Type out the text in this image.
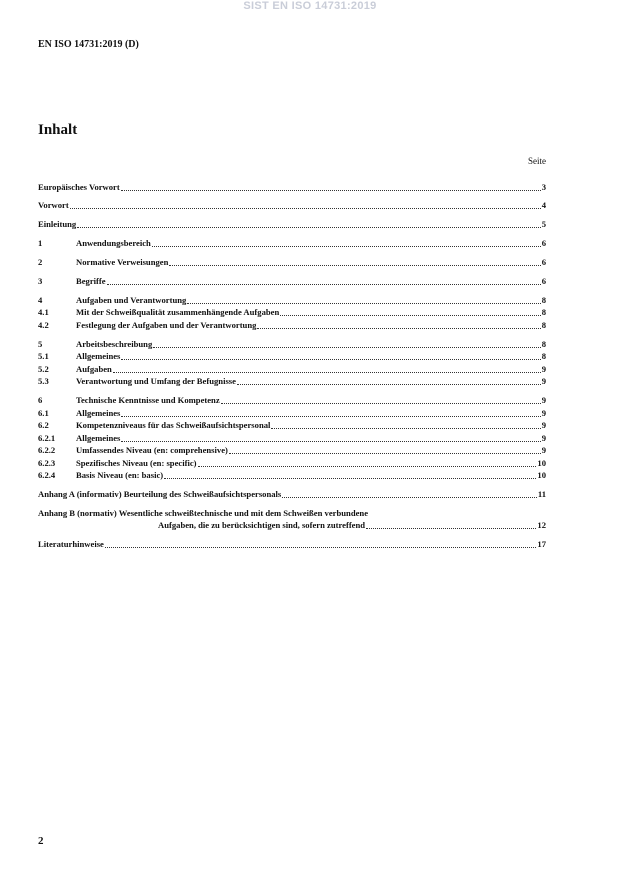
SIST EN ISO 14731:2019
EN ISO 14731:2019 (D)
Inhalt
Seite
Europäisches Vorwort	3
Vorwort	4
Einleitung	5
1	Anwendungsbereich	6
2	Normative Verweisungen	6
3	Begriffe	6
4	Aufgaben und Verantwortung	8
4.1	Mit der Schweißqualität zusammenhängende Aufgaben	8
4.2	Festlegung der Aufgaben und der Verantwortung	8
5	Arbeitsbeschreibung	8
5.1	Allgemeines	8
5.2	Aufgaben	9
5.3	Verantwortung und Umfang der Befugnisse	9
6	Technische Kenntnisse und Kompetenz	9
6.1	Allgemeines	9
6.2	Kompetenzniveaus für das Schweißaufsichtspersonal	9
6.2.1	Allgemeines	9
6.2.2	Umfassendes Niveau (en: comprehensive)	9
6.2.3	Spezifisches Niveau (en: specific)	10
6.2.4	Basis Niveau (en: basic)	10
Anhang A (informativ) Beurteilung des Schweißaufsichtspersonals	11
Anhang B (normativ) Wesentliche schweißtechnische und mit dem Schweißen verbundene
Aufgaben, die zu berücksichtigen sind, sofern zutreffend	12
Literaturhinweise	17
2
